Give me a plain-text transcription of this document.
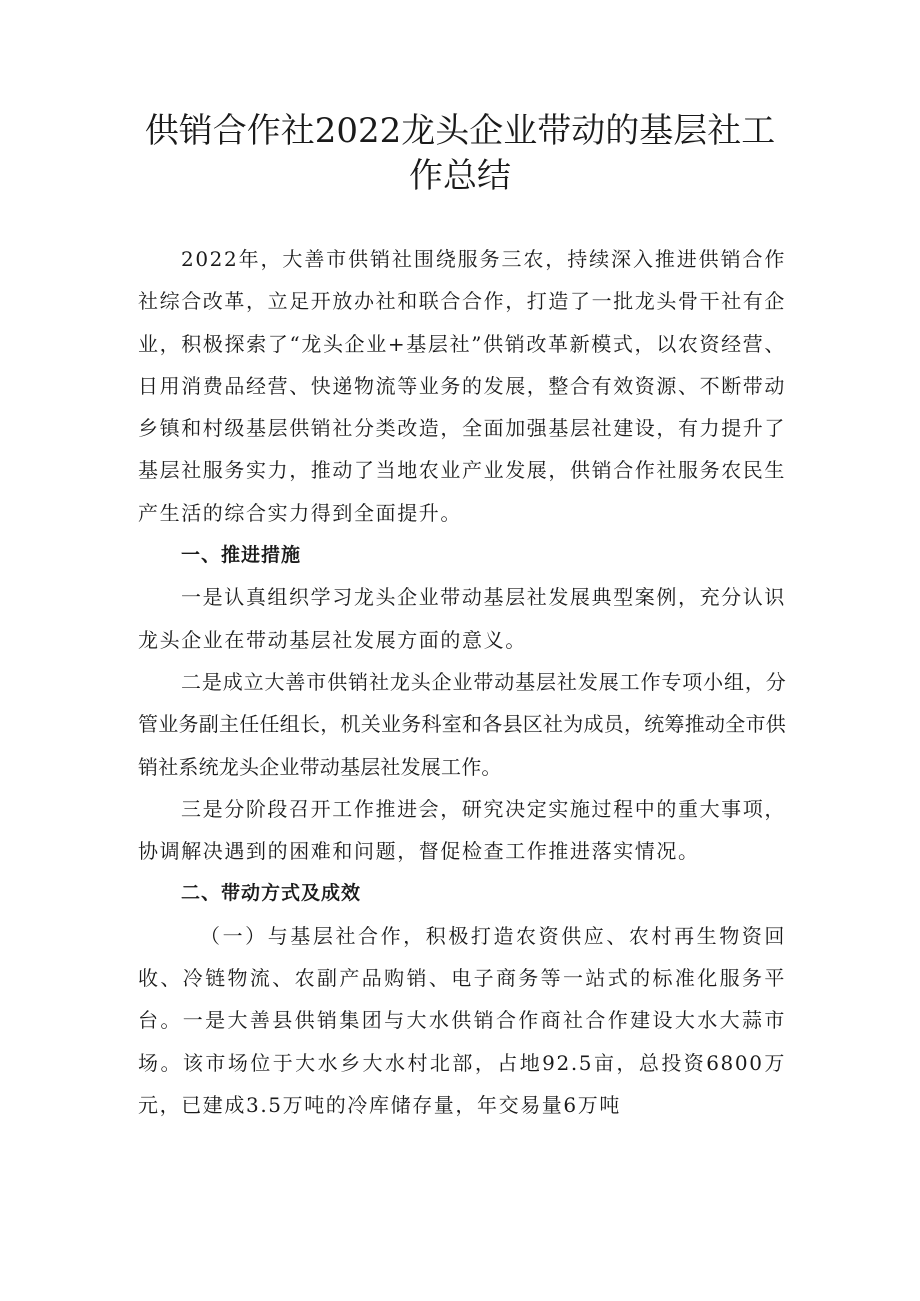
供销合作社2022龙头企业带动的基层社工
作总结

2022年，大善市供销社围绕服务三农，持续深入推进供销合作社综合改革，立足开放办社和联合合作，打造了一批龙头骨干社有企业，积极探索了“龙头企业+基层社”供销改革新模式，以农资经营、日用消费品经营、快递物流等业务的发展，整合有效资源、不断带动乡镇和村级基层供销社分类改造，全面加强基层社建设，有力提升了基层社服务实力，推动了当地农业产业发展，供销合作社服务农民生产生活的综合实力得到全面提升。

一、推进措施

一是认真组织学习龙头企业带动基层社发展典型案例，充分认识龙头企业在带动基层社发展方面的意义。

二是成立大善市供销社龙头企业带动基层社发展工作专项小组，分管业务副主任任组长，机关业务科室和各县区社为成员，统筹推动全市供销社系统龙头企业带动基层社发展工作。

三是分阶段召开工作推进会，研究决定实施过程中的重大事项，协调解决遇到的困难和问题，督促检查工作推进落实情况。

二、带动方式及成效

（一）与基层社合作，积极打造农资供应、农村再生物资回收、冷链物流、农副产品购销、电子商务等一站式的标准化服务平台。一是大善县供销集团与大水供销合作商社合作建设大水大蒜市场。该市场位于大水乡大水村北部，占地92.5亩，总投资6800万元，已建成3.5万吨的冷库储存量，年交易量6万吨
